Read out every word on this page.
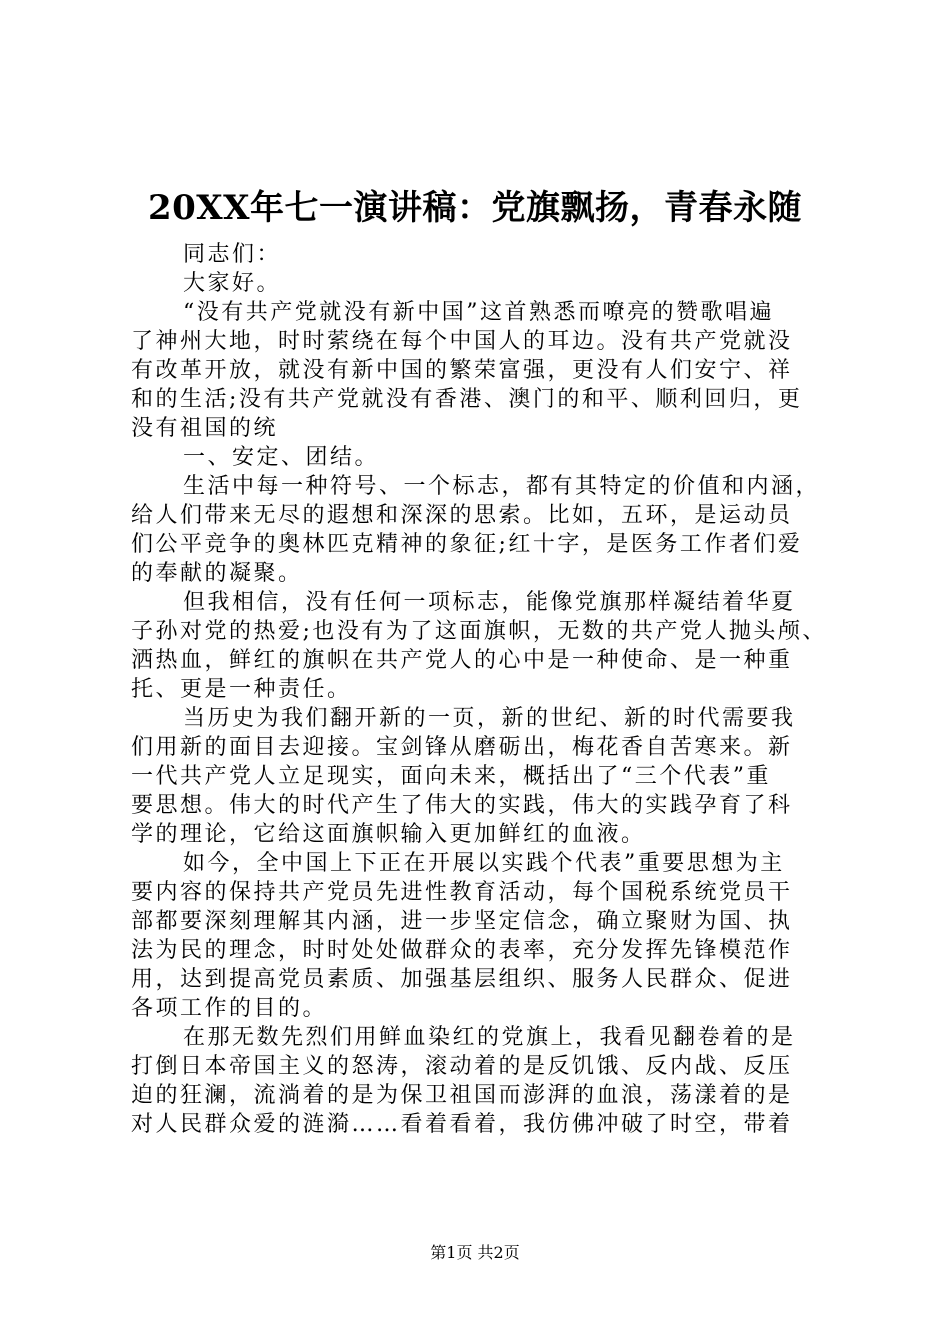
20XX年七一演讲稿：党旗飘扬，青春永随
同志们：
大家好。
“没有共产党就没有新中国”这首熟悉而嘹亮的赞歌唱遍
了神州大地，时时萦绕在每个中国人的耳边。没有共产党就没
有改革开放，就没有新中国的繁荣富强，更没有人们安宁、祥
和的生活;没有共产党就没有香港、澳门的和平、顺利回归，更
没有祖国的统
一、安定、团结。
生活中每一种符号、一个标志，都有其特定的价值和内涵，
给人们带来无尽的遐想和深深的思索。比如，五环，是运动员
们公平竞争的奥林匹克精神的象征;红十字，是医务工作者们爱
的奉献的凝聚。
但我相信，没有任何一项标志，能像党旗那样凝结着华夏
子孙对党的热爱;也没有为了这面旗帜，无数的共产党人抛头颅、
洒热血，鲜红的旗帜在共产党人的心中是一种使命、是一种重
托、更是一种责任。
当历史为我们翻开新的一页，新的世纪、新的时代需要我
们用新的面目去迎接。宝剑锋从磨砺出，梅花香自苦寒来。新
一代共产党人立足现实，面向未来，概括出了“三个代表”重
要思想。伟大的时代产生了伟大的实践，伟大的实践孕育了科
学的理论，它给这面旗帜输入更加鲜红的血液。
如今，全中国上下正在开展以实践个代表”重要思想为主
要内容的保持共产党员先进性教育活动，每个国税系统党员干
部都要深刻理解其内涵，进一步坚定信念，确立聚财为国、执
法为民的理念，时时处处做群众的表率，充分发挥先锋模范作
用，达到提高党员素质、加强基层组织、服务人民群众、促进
各项工作的目的。
在那无数先烈们用鲜血染红的党旗上，我看见翻卷着的是
打倒日本帝国主义的怒涛，滚动着的是反饥饿、反内战、反压
迫的狂澜，流淌着的是为保卫祖国而澎湃的血浪，荡漾着的是
对人民群众爱的涟漪……看着看着，我仿佛冲破了时空，带着
第1页 共2页
